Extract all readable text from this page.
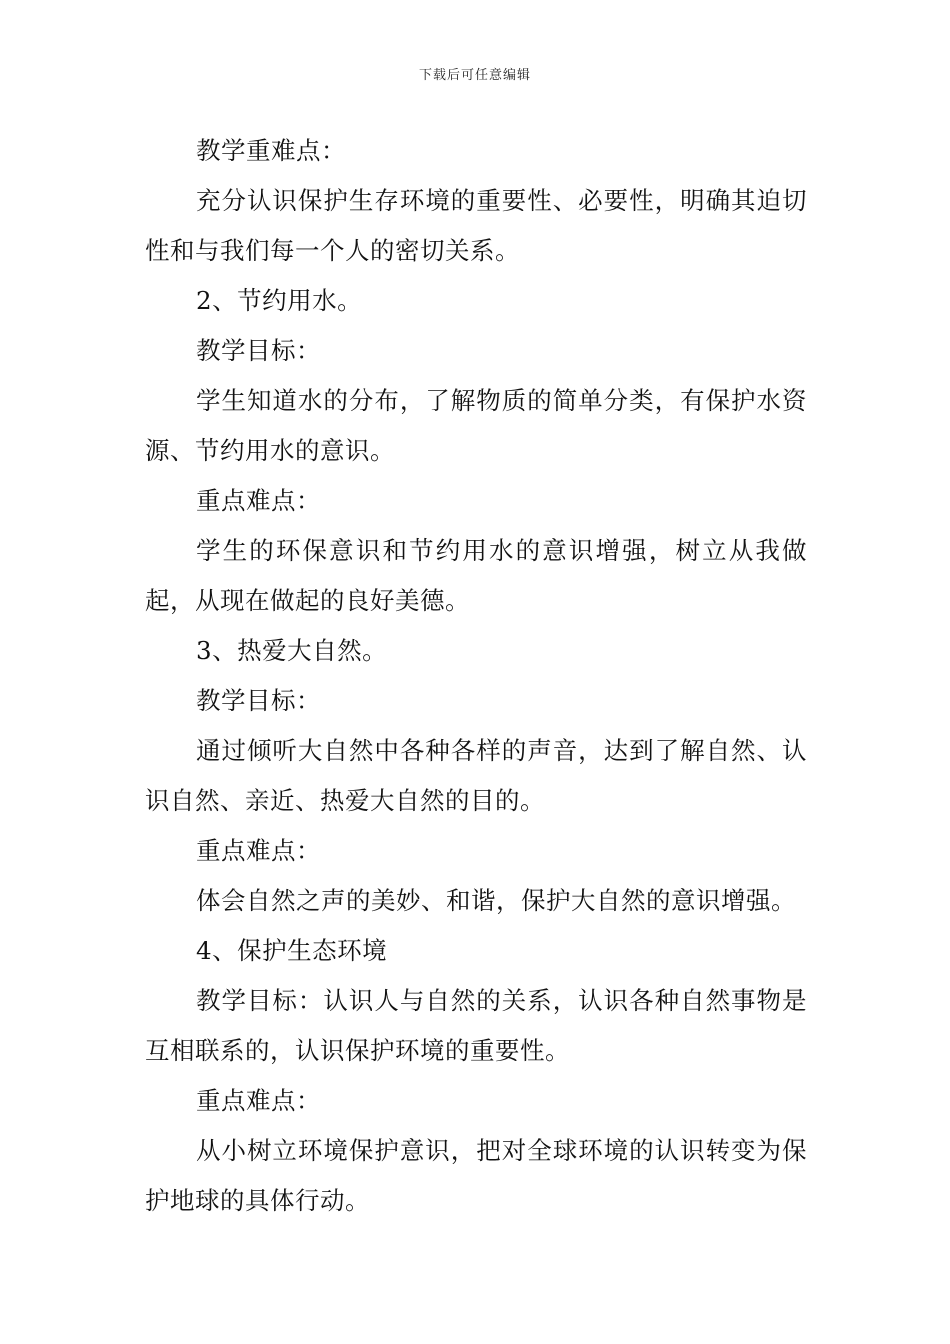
下载后可任意编辑

教学重难点：

充分认识保护生存环境的重要性、必要性，明确其迫切性和与我们每一个人的密切关系。

2、节约用水。

教学目标：

学生知道水的分布，了解物质的简单分类，有保护水资源、节约用水的意识。

重点难点：

学生的环保意识和节约用水的意识增强，树立从我做起，从现在做起的良好美德。

3、热爱大自然。

教学目标：

通过倾听大自然中各种各样的声音，达到了解自然、认识自然、亲近、热爱大自然的目的。

重点难点：

体会自然之声的美妙、和谐，保护大自然的意识增强。

4、保护生态环境

教学目标：认识人与自然的关系，认识各种自然事物是互相联系的，认识保护环境的重要性。

重点难点：

从小树立环境保护意识，把对全球环境的认识转变为保护地球的具体行动。
